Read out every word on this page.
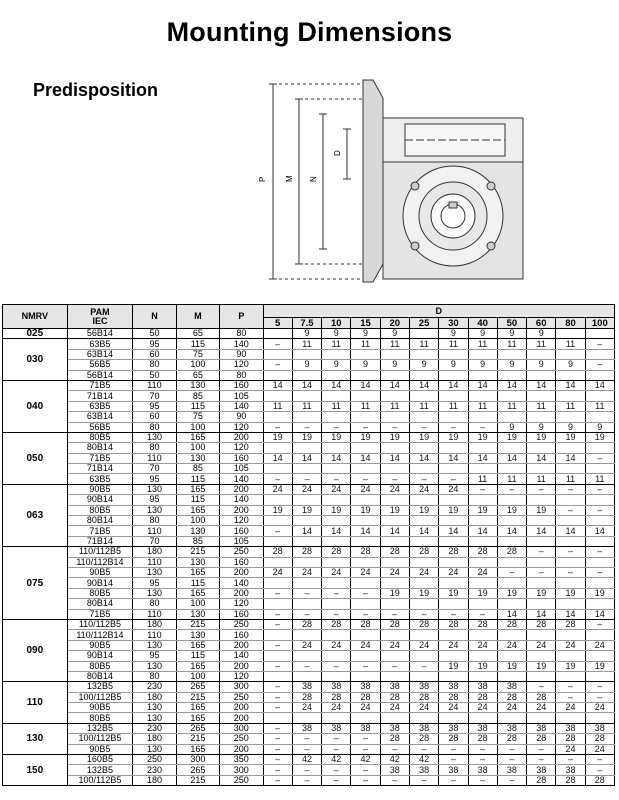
Mounting Dimensions
Predisposition
P M N
D
NMRV	PAM
IEC	N	M	P	D											
					5	7.5	10	15	20	25	30	40	50	60	80	100
025	56B14	50	65	80		9	9	9	9		9	9	9	9		
030	63B5	95	115	140	–	11	11	11	11	11	11	11	11	11	11	–
	63B14	60	75	90												
	56B5	80	100	120	–	9	9	9	9	9	9	9	9	9	9	–
	56B14	50	65	80												
040	71B5	110	130	160	14	14	14	14	14	14	14	14	14	14	14	14
	71B14	70	85	105												
	63B5	95	115	140	11	11	11	11	11	11	11	11	11	11	11	11
	63B14	60	75	90												
	56B5	80	100	120	–	–	–	–	–	–	–	–	9	9	9	9
050	80B5	130	165	200	19	19	19	19	19	19	19	19	19	19	19	19
	80B14	80	100	120												
	71B5	110	130	160	14	14	14	14	14	14	14	14	14	14	14	–
	71B14	70	85	105												
	63B5	95	115	140	–	–	–	–	–	–	–	11	11	11	11	11
063	90B5	130	165	200	24	24	24	24	24	24	24	–	–	–	–	–
	90B14	95	115	140												
	80B5	130	165	200	19	19	19	19	19	19	19	19	19	19	–	–
	80B14	80	100	120												
	71B5	110	130	160	–	14	14	14	14	14	14	14	14	14	14	14
	71B14	70	85	105												
075	110/112B5	180	215	250	28	28	28	28	28	28	28	28	28	–	–	–
	110/112B14	110	130	160												
	90B5	130	165	200	24	24	24	24	24	24	24	24	–	–	–	–
	90B14	95	115	140												
	80B5	130	165	200	–	–	–	–	19	19	19	19	19	19	19	19
	80B14	80	100	120												
	71B5	110	130	160	–	–	–	–	–	–	–	–	14	14	14	14
090	110/112B5	180	215	250	–	28	28	28	28	28	28	28	28	28	28	–
	110/112B14	110	130	160												
	90B5	130	165	200	–	24	24	24	24	24	24	24	24	24	24	24
	90B14	95	115	140												
	80B5	130	165	200	–	–	–	–	–	–	19	19	19	19	19	19
	80B14	80	100	120												
110	132B5	230	265	300	–	38	38	38	38	38	38	38	38	–	–	–
	100/112B5	180	215	250	–	28	28	28	28	28	28	28	28	28	–	–
	90B5	130	165	200	–	24	24	24	24	24	24	24	24	24	24	24
	80B5	130	165	200												
130	132B5	230	265	300	–	38	38	38	38	38	38	38	38	38	38	38
	100/112B5	180	215	250	–	–	–	–	28	28	28	28	28	28	28	28
	90B5	130	165	200	–	–	–	–	–	–	–	–	–	–	24	24
150	160B5	250	300	350	–	42	42	42	42	42	–	–	–	–	–	–
	132B5	230	265	300	–	–	–	–	38	38	38	38	38	38	38	–
	100/112B5	180	215	250	–	–	–	–	–	–	–	–	–	28	28	28
